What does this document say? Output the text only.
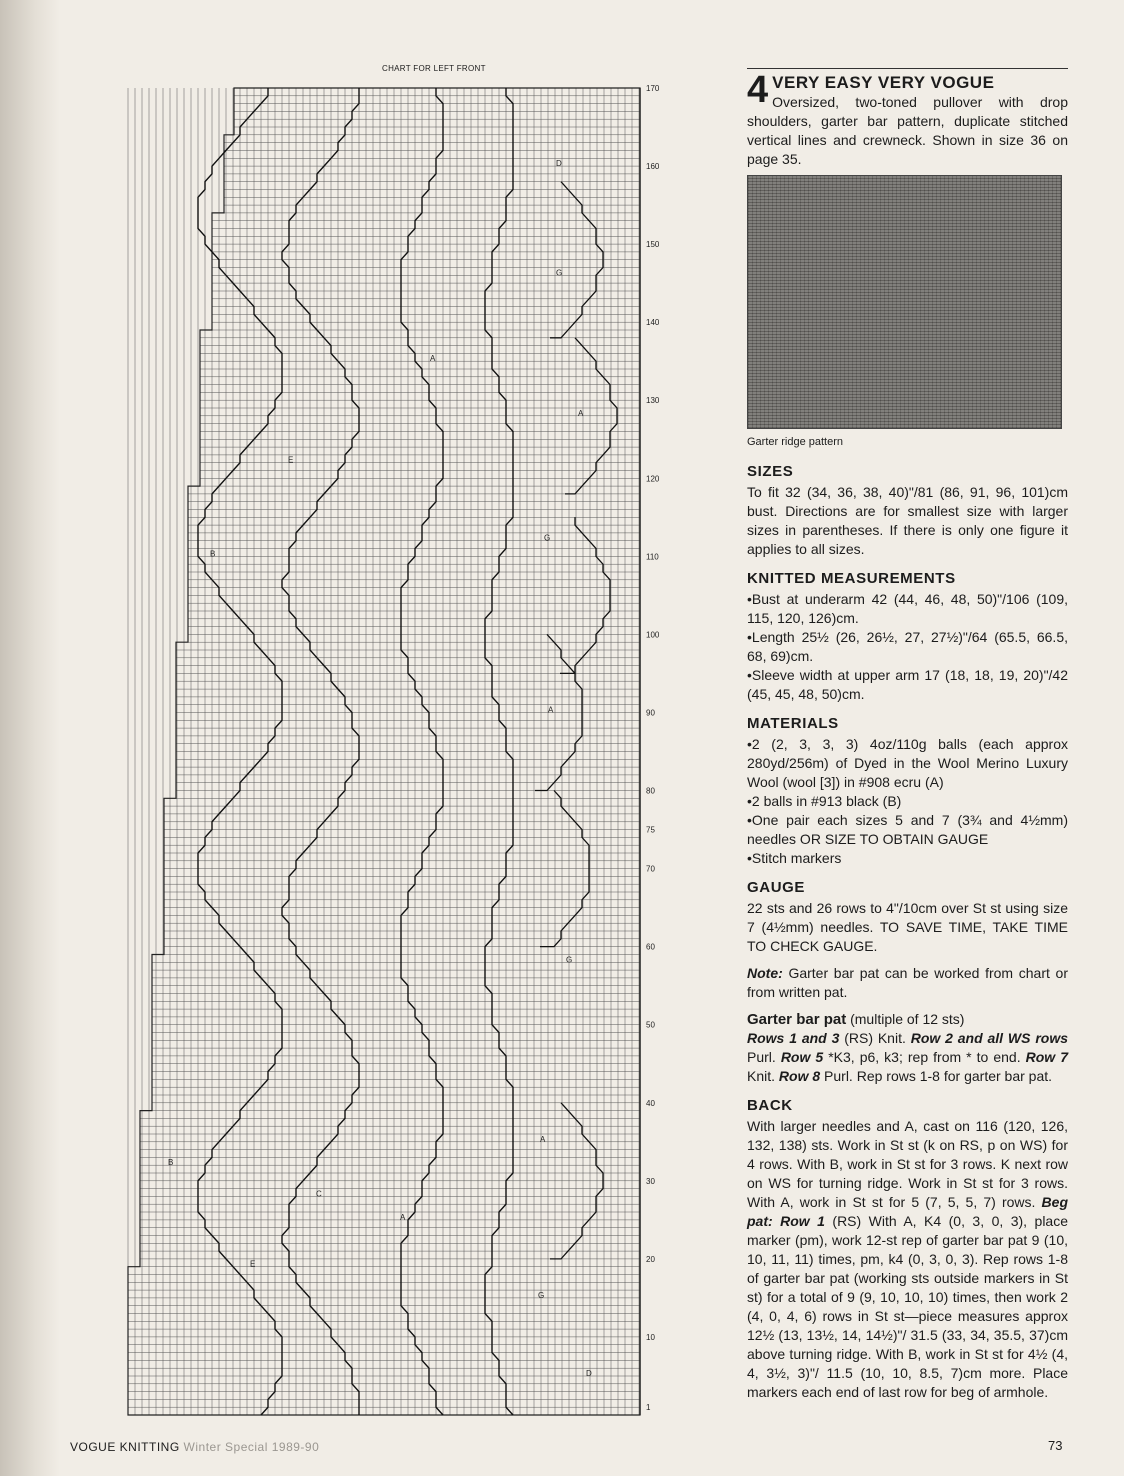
CHART FOR LEFT FRONT
170
160
150
140
130
120
110
100
90
80
75
70
60
50
40
30
20
10
1
D
G
A
A
E
G
B
A
G
A
C
B
A
E
G
D
4 VERY EASY VERY VOGUE
Oversized, two-toned pullover with drop shoulders, garter bar pattern, duplicate stitched vertical lines and crewneck. Shown in size 36 on page 35.
Garter ridge pattern
SIZES

To fit 32 (34, 36, 38, 40)"/81 (86, 91, 96, 101)cm bust. Directions are for smallest size with larger sizes in parentheses. If there is only one figure it applies to all sizes.

KNITTED MEASUREMENTS

•Bust at underarm 42 (44, 46, 48, 50)"/106 (109, 115, 120, 126)cm.

•Length 25½ (26, 26½, 27, 27½)"/64 (65.5, 66.5, 68, 69)cm.

•Sleeve width at upper arm 17 (18, 18, 19, 20)"/42 (45, 45, 48, 50)cm.

MATERIALS

•2 (2, 3, 3, 3) 4oz/110g balls (each approx 280yd/256m) of Dyed in the Wool Merino Luxury Wool (wool [3]) in #908 ecru (A)

•2 balls in #913 black (B)

•One pair each sizes 5 and 7 (3¾ and 4½mm) needles OR SIZE TO OBTAIN GAUGE

•Stitch markers

GAUGE

22 sts and 26 rows to 4"/10cm over St st using size 7 (4½mm) needles. TO SAVE TIME, TAKE TIME TO CHECK GAUGE.

Note: Garter bar pat can be worked from chart or from written pat.

Garter bar pat (multiple of 12 sts)
Rows 1 and 3 (RS) Knit. Row 2 and all WS rows Purl. Row 5 *K3, p6, k3; rep from * to end. Row 7 Knit. Row 8 Purl. Rep rows 1-8 for garter bar pat.

BACK

With larger needles and A, cast on 116 (120, 126, 132, 138) sts. Work in St st (k on RS, p on WS) for 4 rows. With B, work in St st for 3 rows. K next row on WS for turning ridge. Work in St st for 3 rows. With A, work in St st for 5 (7, 5, 5, 7) rows. Beg pat: Row 1 (RS) With A, K4 (0, 3, 0, 3), place marker (pm), work 12-st rep of garter bar pat 9 (10, 10, 11, 11) times, pm, k4 (0, 3, 0, 3). Rep rows 1-8 of garter bar pat (working sts outside markers in St st) for a total of 9 (9, 10, 10, 10) times, then work 2 (4, 0, 4, 6) rows in St st—piece measures approx 12½ (13, 13½, 14, 14½)"/ 31.5 (33, 34, 35.5, 37)cm above turning ridge. With B, work in St st for 4½ (4, 4, 3½, 3)"/ 11.5 (10, 10, 8.5, 7)cm more. Place markers each end of last row for beg of armhole.

VOGUE KNITTING Winter Special 1989-90	73
